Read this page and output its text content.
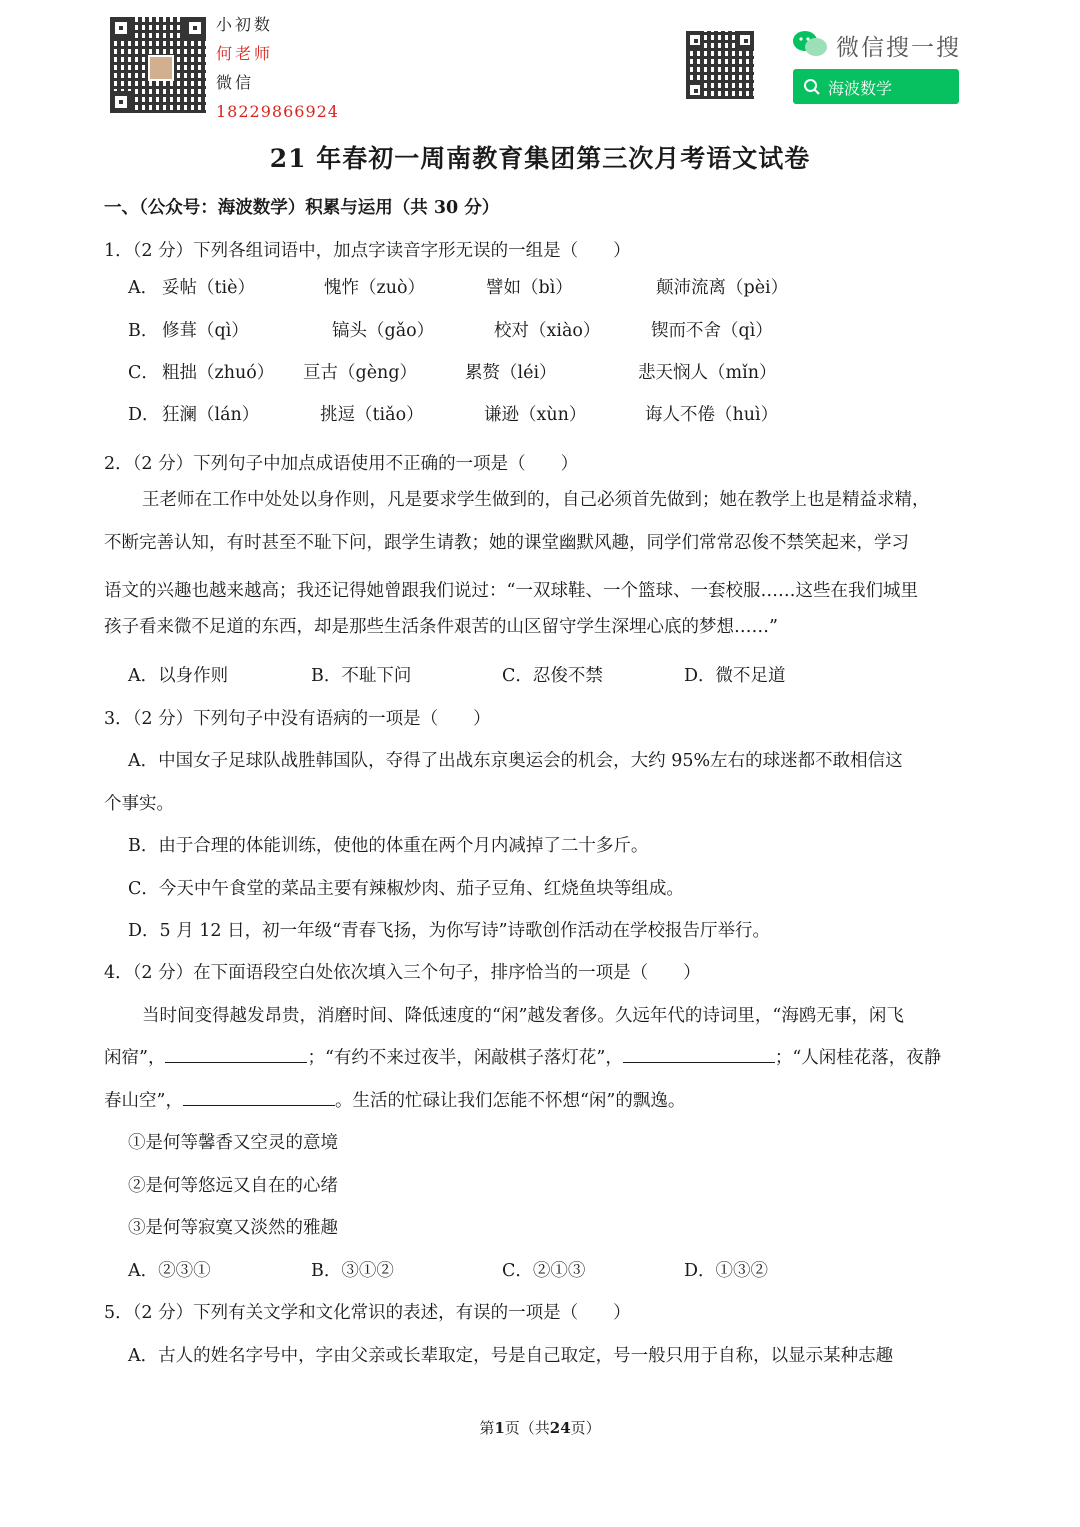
小初数
何老师
微信
18229866924
微信搜一搜
海波数学
21 年春初一周南教育集团第三次月考语文试卷
一、（公众号：海波数学）积累与运用（共 30 分）
1．（2 分）下列各组词语中，加点字读音字形无误的一组是（　　）
A． 妥帖（tiè）	愧怍（zuò）	譬如（bì）	颠沛流离（pèi）
B． 修葺（qì）	镐头（gǎo）	校对（xiào）	锲而不舍（qì）
C． 粗拙（zhuó） 亘古（gèng）	累赘（léi）	悲天悯人（mǐn）
D． 狂澜（lán）	挑逗（tiǎo）	谦逊（xùn）	诲人不倦（huì）
2．（2 分）下列句子中加点成语使用不正确的一项是（　　）
王老师在工作中处处以身作则，凡是要求学生做到的，自己必须首先做到；她在教学上也是精益求精，
不断完善认知，有时甚至不耻下问，跟学生请教；她的课堂幽默风趣，同学们常常忍俊不禁笑起来，学习
语文的兴趣也越来越高；我还记得她曾跟我们说过：“一双球鞋、一个篮球、一套校服……这些在我们城里
孩子看来微不足道的东西，却是那些生活条件艰苦的山区留守学生深埋心底的梦想……”
A．以身作则	B．不耻下问	C．忍俊不禁	D．微不足道
3．（2 分）下列句子中没有语病的一项是（　　）
A．中国女子足球队战胜韩国队，夺得了出战东京奥运会的机会，大约 95%左右的球迷都不敢相信这
个事实。
B．由于合理的体能训练，使他的体重在两个月内减掉了二十多斤。
C．今天中午食堂的菜品主要有辣椒炒肉、茄子豆角、红烧鱼块等组成。
D．5 月 12 日，初一年级“青春飞扬，为你写诗”诗歌创作活动在学校报告厅举行。
4．（2 分）在下面语段空白处依次填入三个句子，排序恰当的一项是（　　）
当时间变得越发昂贵，消磨时间、降低速度的“闲”越发奢侈。久远年代的诗词里，“海鸥无事，闲飞
闲宿”，	；“有约不来过夜半，闲敲棋子落灯花”，	；“人闲桂花落，夜静
春山空”，	。生活的忙碌让我们怎能不怀想“闲”的飘逸。
①是何等馨香又空灵的意境
②是何等悠远又自在的心绪
③是何等寂寞又淡然的雅趣
A．②③①	B．③①②	C．②①③	D．①③②
5．（2 分）下列有关文学和文化常识的表述，有误的一项是（　　）
A．古人的姓名字号中，字由父亲或长辈取定，号是自己取定，号一般只用于自称，以显示某种志趣
第1页（共24页）
